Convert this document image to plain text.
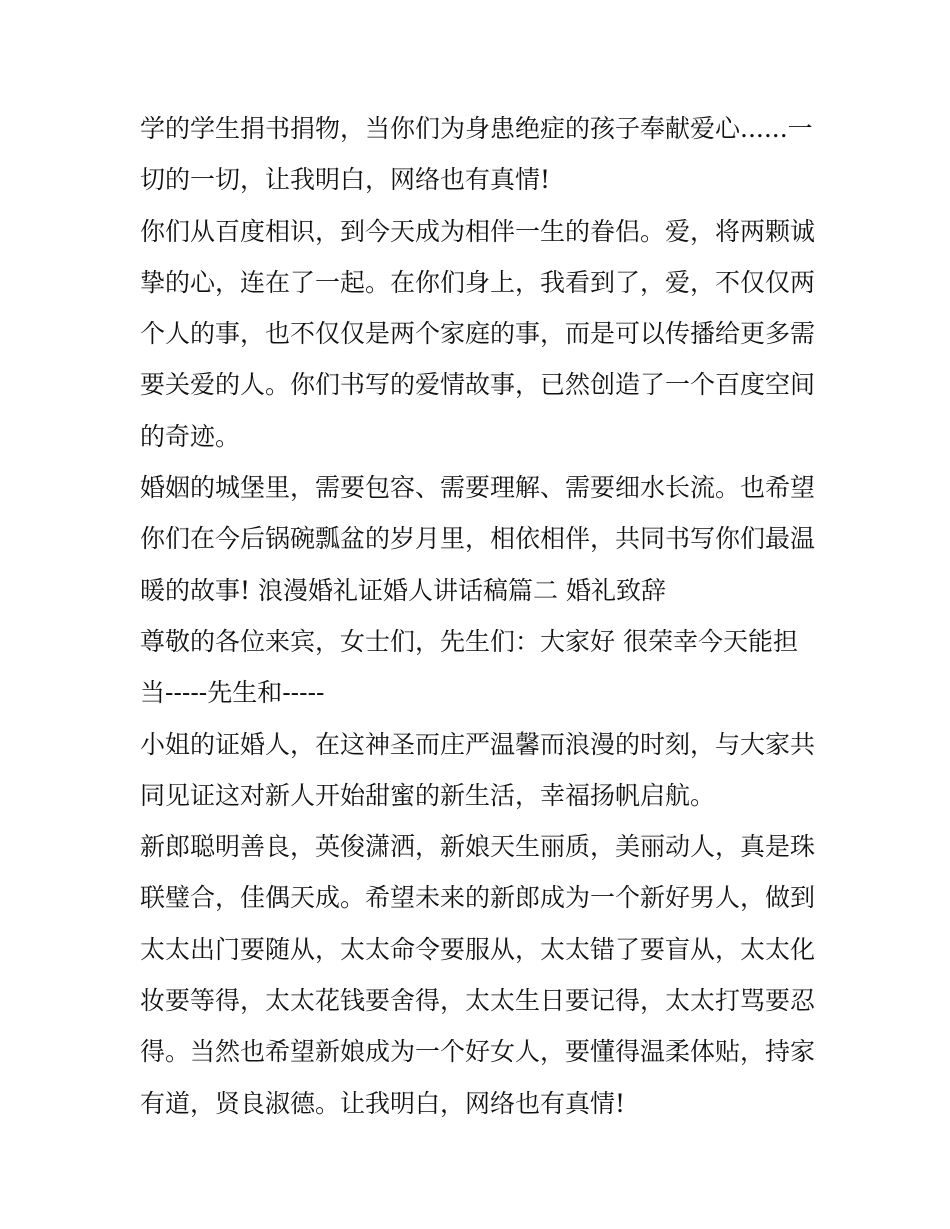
学的学生捐书捐物，当你们为身患绝症的孩子奉献爱心......一切的一切，让我明白，网络也有真情!

你们从百度相识，到今天成为相伴一生的眷侣。爱，将两颗诚挚的心，连在了一起。在你们身上，我看到了，爱，不仅仅两个人的事，也不仅仅是两个家庭的事，而是可以传播给更多需要关爱的人。你们书写的爱情故事，已然创造了一个百度空间的奇迹。

婚姻的城堡里，需要包容、需要理解、需要细水长流。也希望你们在今后锅碗瓢盆的岁月里，相依相伴，共同书写你们最温暖的故事! 浪漫婚礼证婚人讲话稿篇二 婚礼致辞

尊敬的各位来宾，女士们，先生们：大家好 很荣幸今天能担当-----先生和-----

小姐的证婚人，在这神圣而庄严温馨而浪漫的时刻，与大家共同见证这对新人开始甜蜜的新生活，幸福扬帆启航。

新郎聪明善良，英俊潇洒，新娘天生丽质，美丽动人，真是珠联璧合，佳偶天成。希望未来的新郎成为一个新好男人，做到太太出门要随从，太太命令要服从，太太错了要盲从，太太化妆要等得，太太花钱要舍得，太太生日要记得，太太打骂要忍得。当然也希望新娘成为一个好女人，要懂得温柔体贴，持家有道，贤良淑德。让我明白，网络也有真情!
